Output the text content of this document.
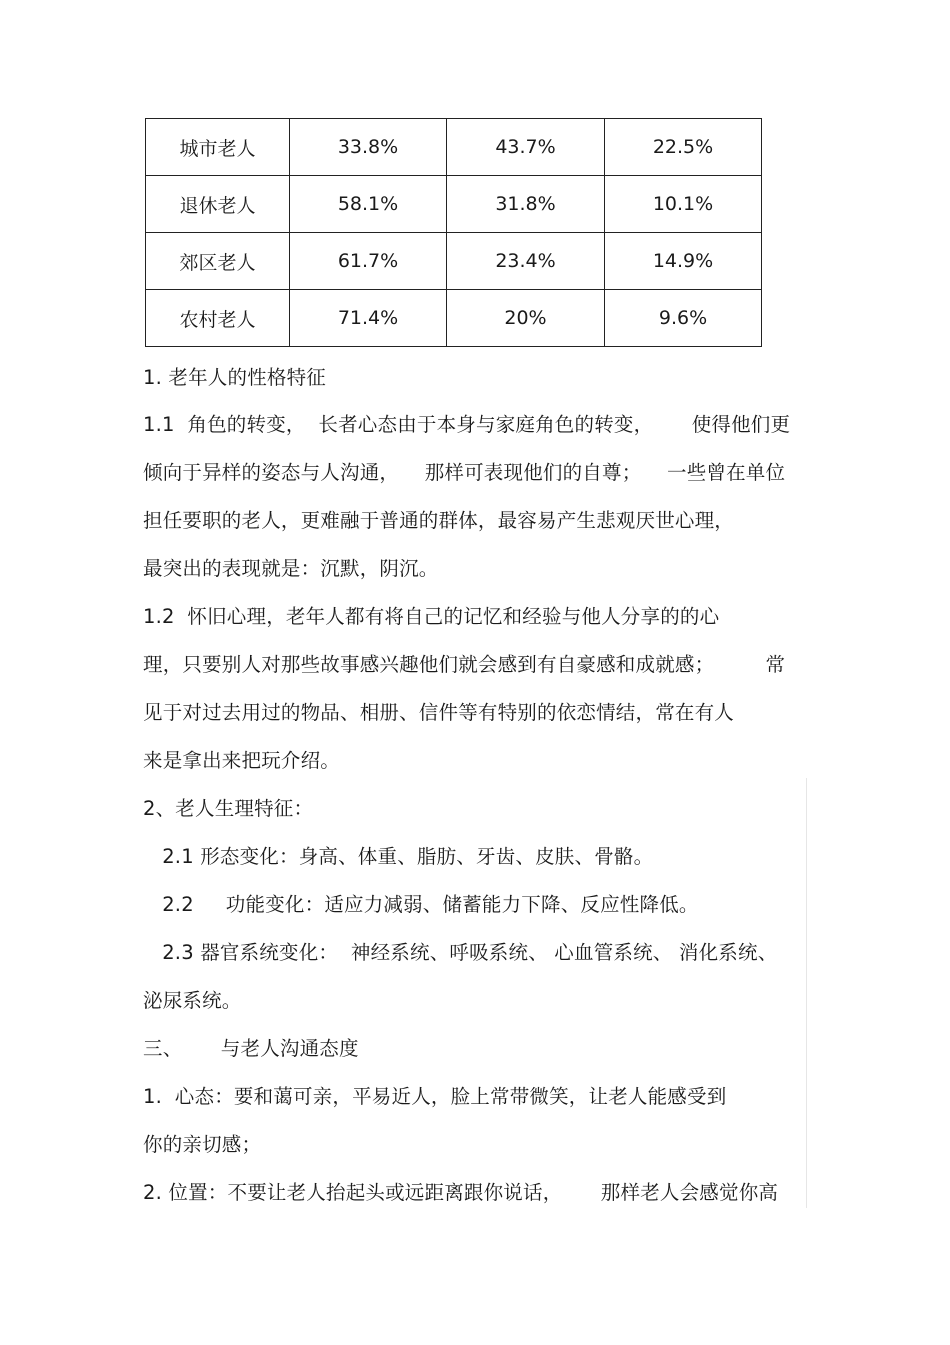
城市老人	33.8%	43.7%	22.5%
退休老人	58.1%	31.8%	10.1%
郊区老人	61.7%	23.4%	14.9%
农村老人	71.4%	20%	9.6%
1. 老年人的性格特征
1.1  角色的转变，  长者心态由于本身与家庭角色的转变，      使得他们更
倾向于异样的姿态与人沟通，    那样可表现他们的自尊；    一些曾在单位
担任要职的老人，更难融于普通的群体，最容易产生悲观厌世心理，
最突出的表现就是：沉默，阴沉。
1.2  怀旧心理，老年人都有将自己的记忆和经验与他人分享的的心
理，只要别人对那些故事感兴趣他们就会感到有自豪感和成就感；        常
见于对过去用过的物品、相册、信件等有特别的依恋情结，常在有人
来是拿出来把玩介绍。
2、老人生理特征：
2.1 形态变化：身高、体重、脂肪、牙齿、皮肤、骨骼。
2.2     功能变化：适应力减弱、储蓄能力下降、反应性降低。
2.3 器官系统变化：  神经系统、呼吸系统、 心血管系统、 消化系统、
泌尿系统。
三、      与老人沟通态度
1.  心态：要和蔼可亲，平易近人，脸上常带微笑，让老人能感受到
你的亲切感；
2. 位置：不要让老人抬起头或远距离跟你说话，      那样老人会感觉你高
